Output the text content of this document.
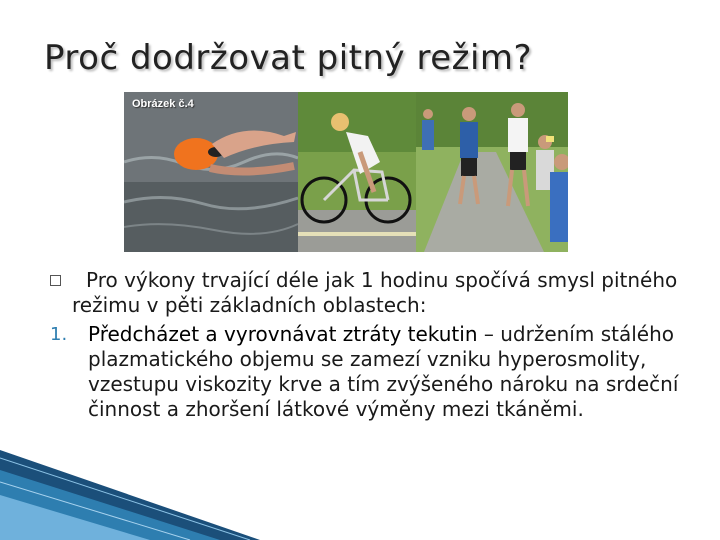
Proč dodržovat pitný režim?
Obrázek č.4
Pro výkony trvající déle jak 1 hodinu spočívá smysl pitného režimu v pěti základních oblastech:
1. Předcházet a vyrovnávat ztráty tekutin – udržením stálého plazmatického objemu se zamezí vzniku hyperosmolity, vzestupu viskozity krve a tím zvýšeného nároku na srdeční činnost a zhoršení látkové výměny mezi tkáněmi.
